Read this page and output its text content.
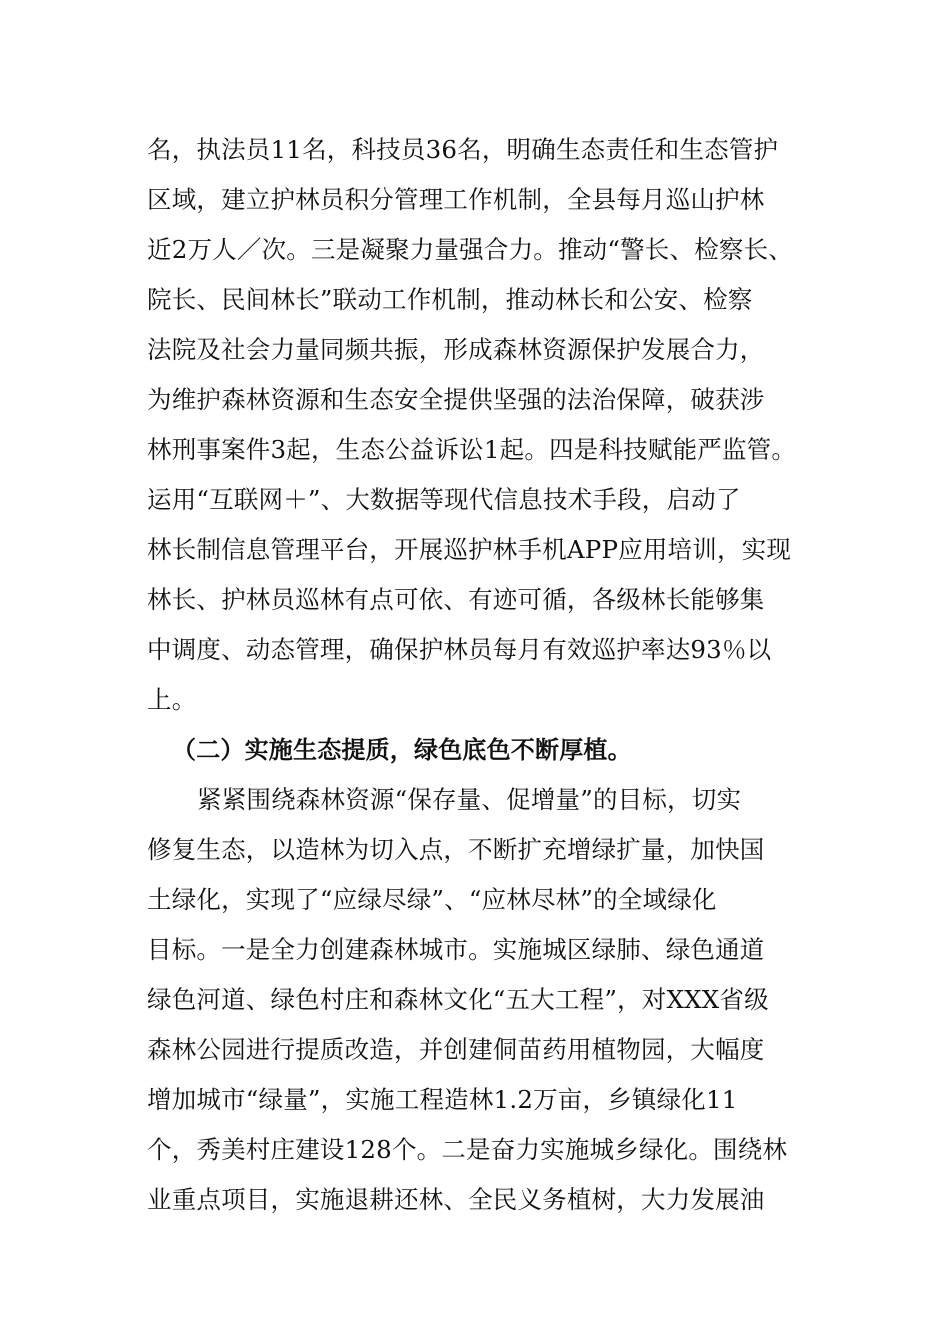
名，执法员11名，科技员36名，明确生态责任和生态管护
区域，建立护林员积分管理工作机制，全县每月巡山护林
近2万人／次。三是凝聚力量强合力。推动“警长、检察长、
院长、民间林长”联动工作机制，推动林长和公安、检察
法院及社会力量同频共振，形成森林资源保护发展合力，
为维护森林资源和生态安全提供坚强的法治保障，破获涉
林刑事案件3起，生态公益诉讼1起。四是科技赋能严监管。
运用“互联网＋”、大数据等现代信息技术手段，启动了
林长制信息管理平台，开展巡护林手机APP应用培训，实现
林长、护林员巡林有点可依、有迹可循，各级林长能够集
中调度、动态管理，确保护林员每月有效巡护率达93％以
上。
（二）实施生态提质，绿色底色不断厚植。
紧紧围绕森林资源“保存量、促增量”的目标，切实
修复生态，以造林为切入点，不断扩充增绿扩量，加快国
土绿化，实现了“应绿尽绿”、“应林尽林”的全域绿化
目标。一是全力创建森林城市。实施城区绿肺、绿色通道
绿色河道、绿色村庄和森林文化“五大工程”，对XXX省级
森林公园进行提质改造，并创建侗苗药用植物园，大幅度
增加城市“绿量”，实施工程造林1.2万亩，乡镇绿化11
个，秀美村庄建设128个。二是奋力实施城乡绿化。围绕林
业重点项目，实施退耕还林、全民义务植树，大力发展油
